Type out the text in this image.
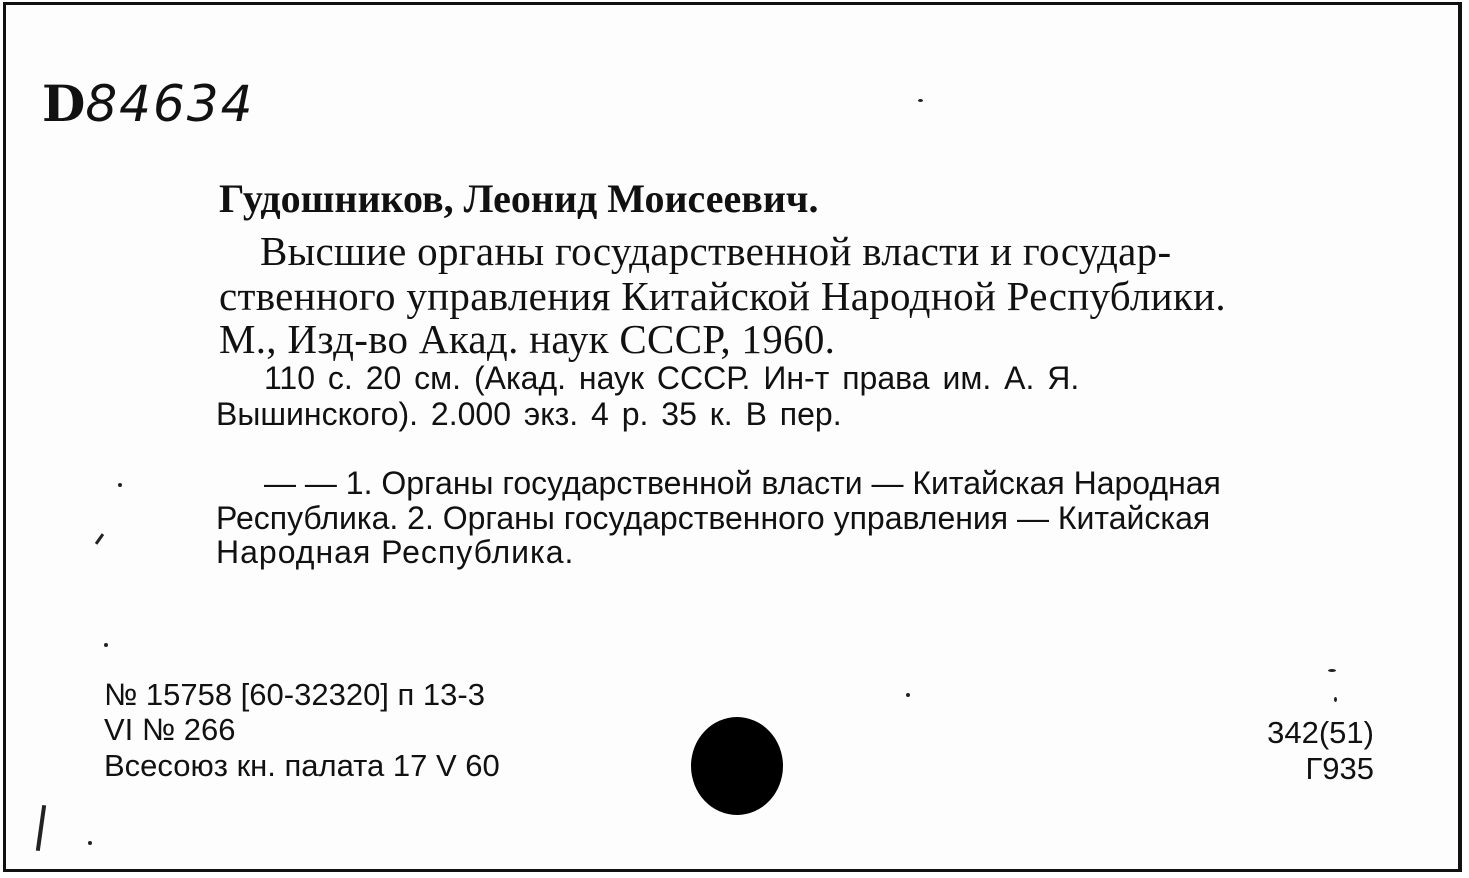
D84634
Гудошников, Леонид Моисеевич.
Высшие органы государственной власти и государ-
ственного управления Китайской Народной Республики.
М., Изд-во Акад. наук СССР, 1960.
110 с. 20 см. (Акад. наук СССР. Ин-т права им. А. Я.
Вышинского). 2.000 экз. 4 р. 35 к. В пер.
— — 1. Органы государственной власти — Китайская Народная
Республика. 2. Органы государственного управления — Китайская
Народная Республика.
№ 15758 [60-32320] п 13-3
VI № 266
Всесоюз кн. палата 17 V 60
342(51)
Г935
